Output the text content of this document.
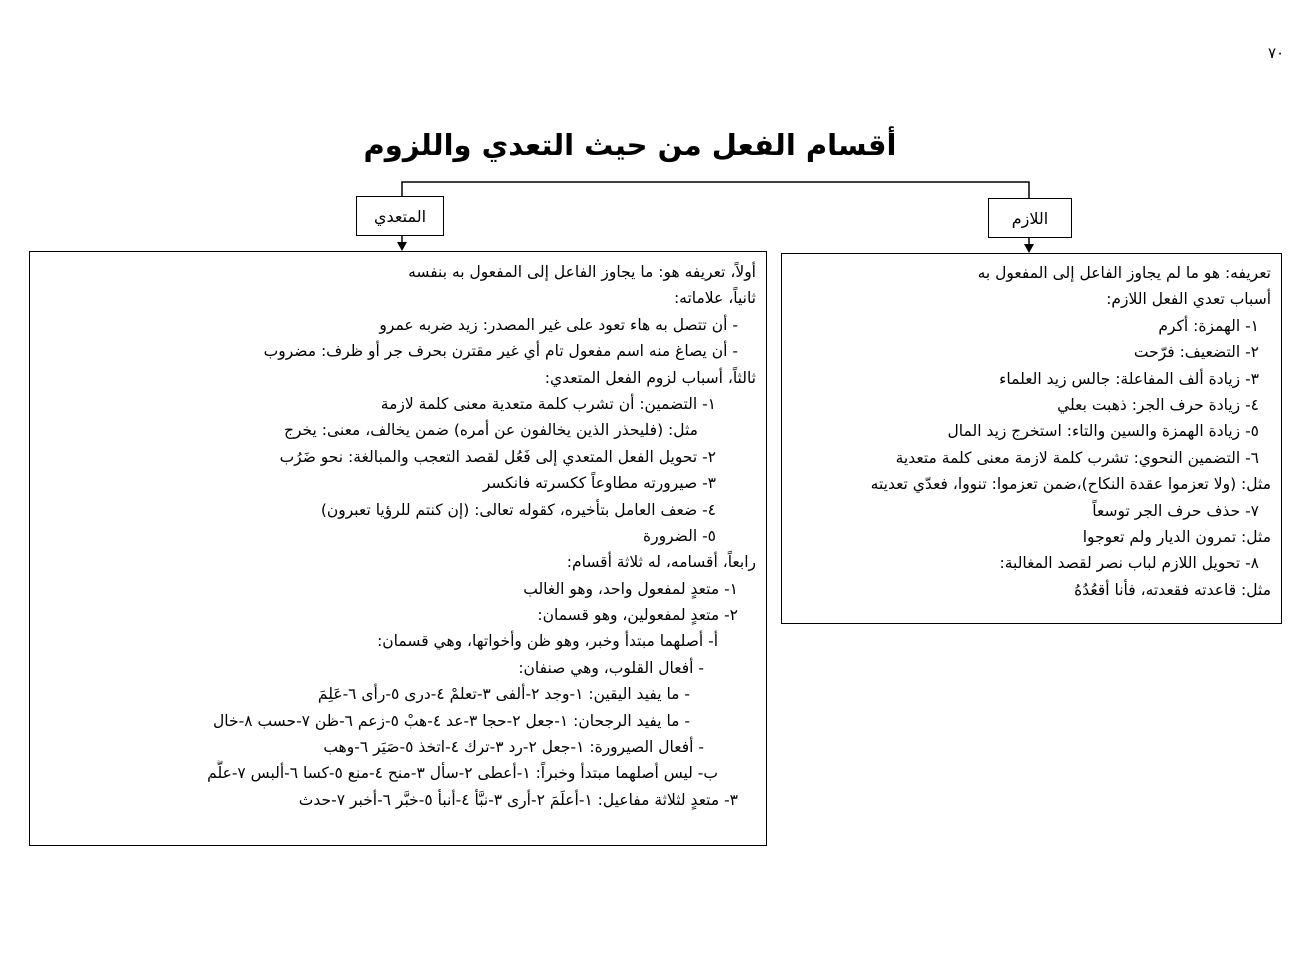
٧٠
أقسام الفعل من حيث التعدي واللزوم
اللازم
المتعدي
تعريفه: هو ما لم يجاوز الفاعل إلى المفعول به
أسباب تعدي الفعل اللازم:
١- الهمزة: أكرم
٢- التضعيف: فرّحت
٣- زيادة ألف المفاعلة: جالس زيد العلماء
٤- زيادة حرف الجر: ذهبت بعلي
٥- زيادة الهمزة والسين والتاء: استخرج زيد المال
٦- التضمين النحوي: تشرب كلمة لازمة معنى كلمة متعدية
مثل: (ولا تعزموا عقدة النكاح)،ضمن تعزموا: تنووا، فعدّي تعديته
٧- حذف حرف الجر توسعاً
مثل: تمرون الديار ولم تعوجوا
٨- تحويل اللازم لباب نصر لقصد المغالبة:
مثل: قاعدته فقعدته، فأنا أقعُدُهُ
أولاً، تعريفه هو: ما يجاوز الفاعل إلى المفعول به بنفسه
ثانياً، علاماته:
- أن تتصل به هاء تعود على غير المصدر: زيد ضربه عمرو
- أن يصاغ منه اسم مفعول تام أي غير مقترن بحرف جر أو ظرف: مضروب
ثالثاً، أسباب لزوم الفعل المتعدي:
١- التضمين: أن تشرب كلمة متعدية معنى كلمة لازمة
مثل: (فليحذر الذين يخالفون عن أمره) ضمن يخالف، معنى: يخرج
٢- تحويل الفعل المتعدي إلى فَعُل لقصد التعجب والمبالغة: نحو ضَرُب
٣- صيرورته مطاوعاً ككسرته فانكسر
٤- ضعف العامل بتأخيره، كقوله تعالى: (إن كنتم للرؤيا تعبرون)
٥- الضرورة
رابعاً، أقسامه، له ثلاثة أقسام:
١- متعدٍ لمفعول واحد، وهو الغالب
٢- متعدٍ لمفعولين، وهو قسمان:
أ- أصلهما مبتدأ وخبر، وهو ظن وأخواتها، وهي قسمان:
- أفعال القلوب، وهي صنفان:
- ما يفيد اليقين: ١-وجد ٢-ألفى ٣-تعلمْ ٤-درى ٥-رأى ٦-عَلِمَ
- ما يفيد الرجحان: ١-جعل ٢-حجا ٣-عد ٤-هبْ ٥-زعم ٦-ظن ٧-حسب ٨-خال
- أفعال الصيرورة: ١-جعل ٢-رد ٣-ترك ٤-اتخذ ٥-صَيَر ٦-وهب
ب- ليس أصلهما مبتدأ وخبراً: ١-أعطى ٢-سأل ٣-منح ٤-منع ٥-كسا ٦-ألبس ٧-علَّم
٣- متعدٍ لثلاثة مفاعيل: ١-أعلَمَ ٢-أرى ٣-نبَّأ ٤-أنبأ ٥-خبَّر ٦-أخبر ٧-حدث
